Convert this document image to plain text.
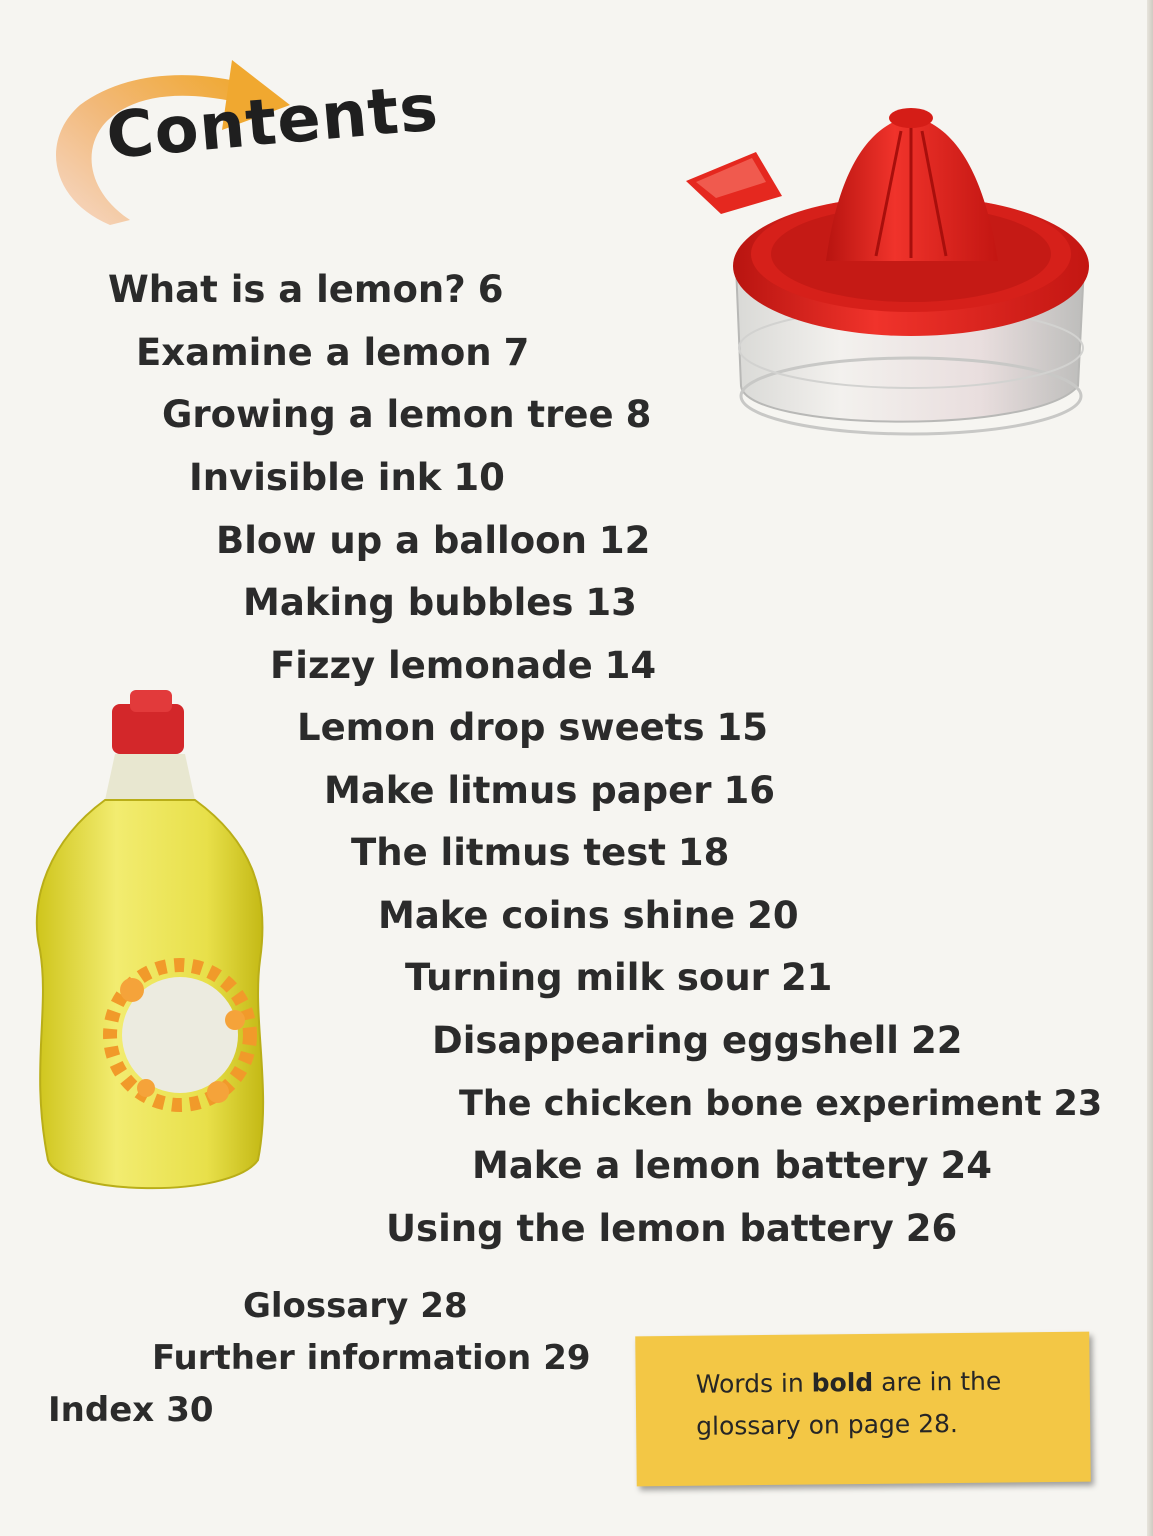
Contents
What is a lemon? 6
Examine a lemon 7
Growing a lemon tree 8
Invisible ink 10
Blow up a balloon 12
Making bubbles 13
Fizzy lemonade 14
Lemon drop sweets 15
Make litmus paper 16
The litmus test 18
Make coins shine 20
Turning milk sour 21
Disappearing eggshell 22
The chicken bone experiment 23
Make a lemon battery 24
Using the lemon battery 26
Glossary 28
Further information 29
Index 30
Words in bold are in the glossary on page 28.
